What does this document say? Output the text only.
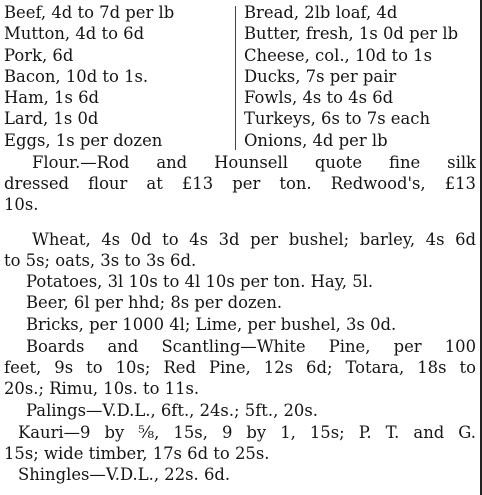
Beef, 4d to 7d per lb
Mutton, 4d to 6d
Pork, 6d
Bacon, 10d to 1s.
Ham, 1s 6d
Lard, 1s 0d
Eggs, 1s per dozen
Bread, 2lb loaf, 4d
Butter, fresh, 1s 0d per lb
Cheese, col., 10d to 1s
Ducks, 7s per pair
Fowls, 4s to 4s 6d
Turkeys, 6s to 7s each
Onions, 4d per lb
Flour.—Rod and Hounsell quote fine silk
dressed flour at £13 per ton. Redwood's, £13
10s.
Wheat, 4s 0d to 4s 3d per bushel; barley, 4s 6d
to 5s; oats, 3s to 3s 6d.
Potatoes, 3l 10s to 4l 10s per ton. Hay, 5l.
Beer, 6l per hhd; 8s per dozen.
Bricks, per 1000 4l; Lime, per bushel, 3s 0d.
Boards and Scantling—White Pine, per 100
feet, 9s to 10s; Red Pine, 12s 6d; Totara, 18s to
20s.; Rimu, 10s. to 11s.
Palings—V.D.L., 6ft., 24s.; 5ft., 20s.
Kauri—9 by ⅝, 15s, 9 by 1, 15s; P. T. and G.
15s; wide timber, 17s 6d to 25s.
Shingles—V.D.L., 22s. 6d.
